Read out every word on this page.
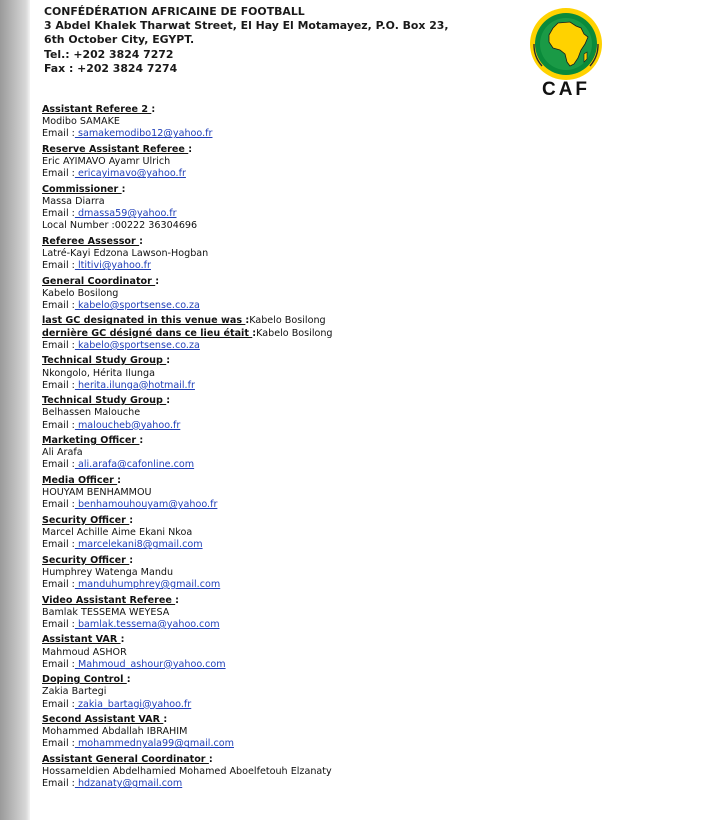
CONFÉDÉRATION AFRICAINE DE FOOTBALL
3 Abdel Khalek Tharwat Street, El Hay El Motamayez, P.O. Box 23,
6th October City, EGYPT.
Tel.: +202 3824 7272
Fax : +202 3824 7274
CAF
Assistant Referee 2 :
Modibo SAMAKE
Email : samakemodibo12@yahoo.fr
Reserve Assistant Referee :
Eric AYIMAVO Ayamr Ulrich
Email : ericayimavo@yahoo.fr
Commissioner :
Massa Diarra
Email : dmassa59@yahoo.fr
Local Number :00222 36304696
Referee Assessor :
Latré-Kayi Edzona Lawson-Hogban
Email : ltitivi@yahoo.fr
General Coordinator :
Kabelo Bosilong
Email : kabelo@sportsense.co.za
last GC designated in this venue was :Kabelo Bosilong
dernière GC désigné dans ce lieu était :Kabelo Bosilong
Email : kabelo@sportsense.co.za
Technical Study Group :
Nkongolo, Hérita Ilunga
Email : herita.ilunga@hotmail.fr
Technical Study Group :
Belhassen Malouche
Email : maloucheb@yahoo.fr
Marketing Officer :
Ali Arafa
Email : ali.arafa@cafonline.com
Media Officer :
HOUYAM BENHAMMOU
Email : benhamouhouyam@yahoo.fr
Security Officer :
Marcel Achille Aime Ekani Nkoa
Email : marcelekani8@gmail.com
Security Officer :
Humphrey Watenga Mandu
Email : manduhumphrey@gmail.com
Video Assistant Referee :
Bamlak TESSEMA WEYESA
Email : bamlak.tessema@yahoo.com
Assistant VAR :
Mahmoud ASHOR
Email : Mahmoud_ashour@yahoo.com
Doping Control :
Zakia Bartegi
Email : zakia_bartagi@yahoo.fr
Second Assistant VAR :
Mohammed Abdallah IBRAHIM
Email : mohammednyala99@gmail.com
Assistant General Coordinator :
Hossameldien Abdelhamied Mohamed Aboelfetouh Elzanaty
Email : hdzanaty@gmail.com
